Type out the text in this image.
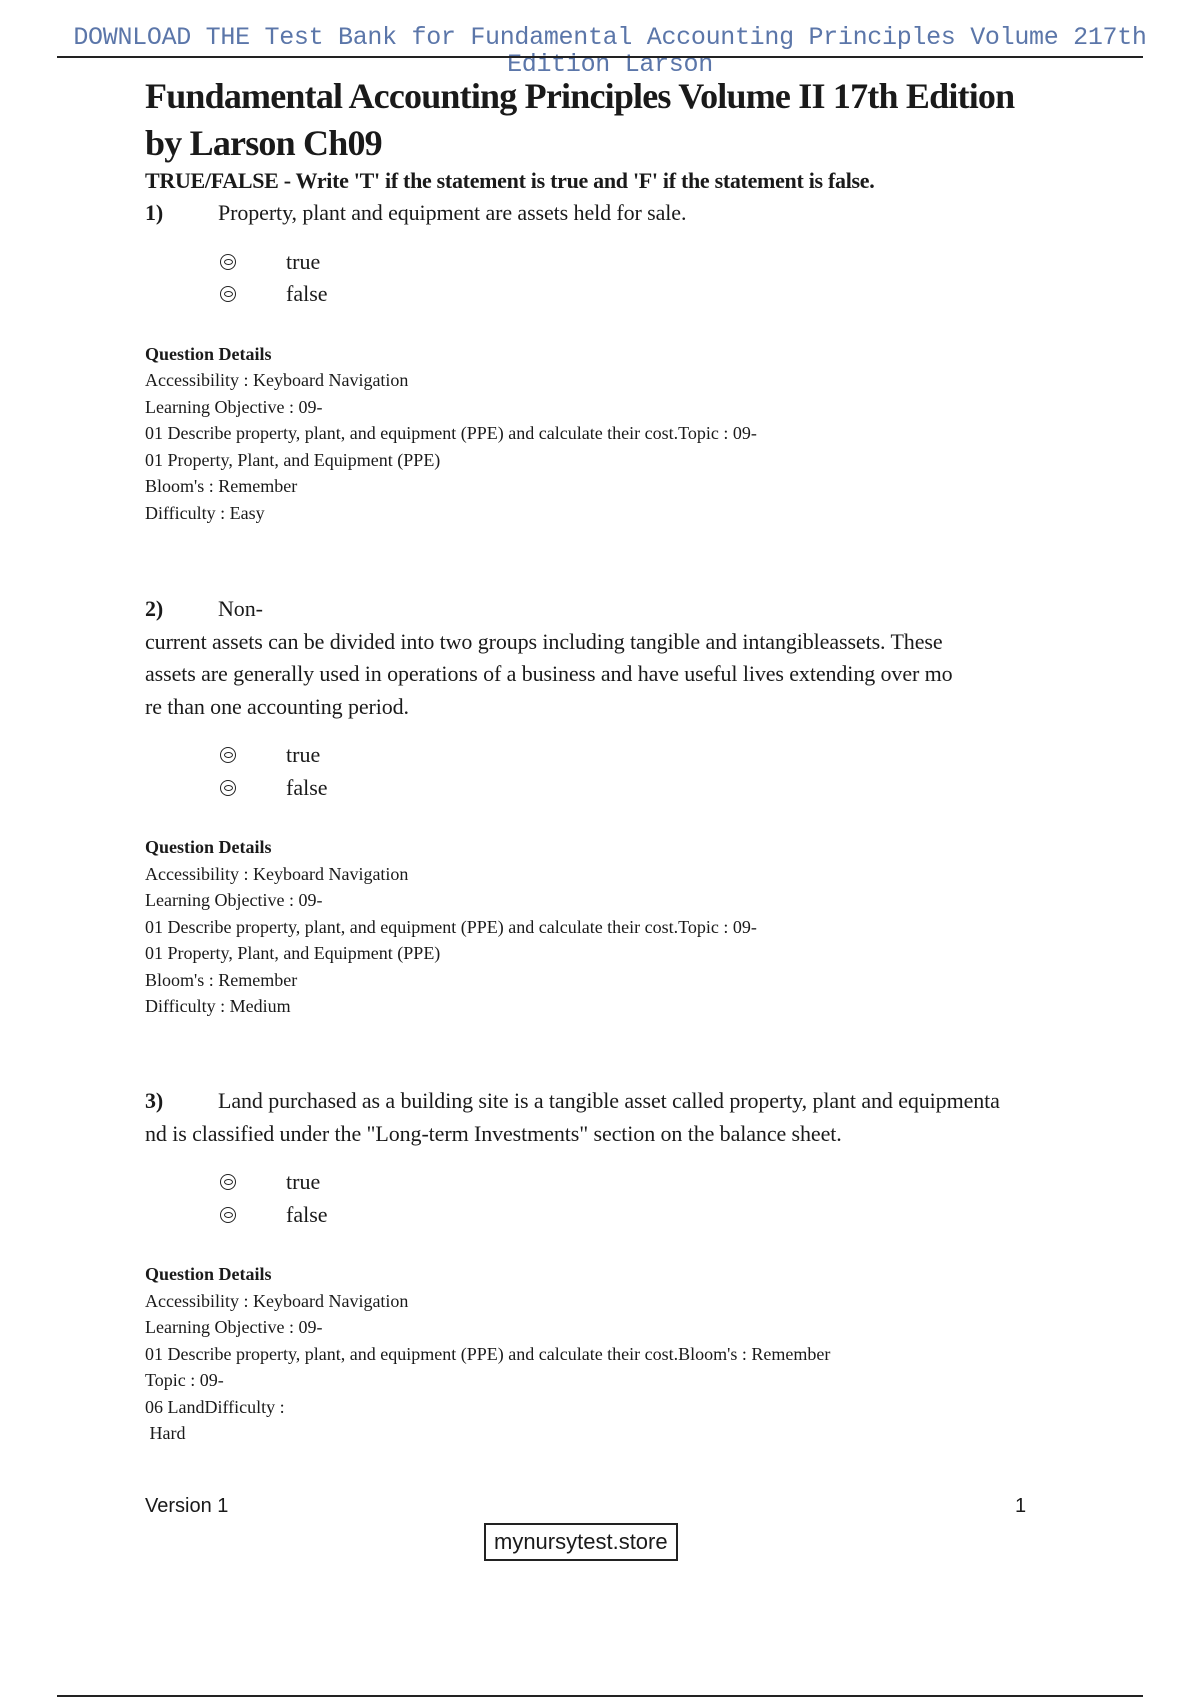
DOWNLOAD THE Test Bank for Fundamental Accounting Principles Volume 217th Edition Larson
Fundamental Accounting Principles Volume II 17th Edition
by Larson Ch09
TRUE/FALSE - Write 'T' if the statement is true and 'F' if the statement is false.
1) Property, plant and equipment are assets held for sale.
true
false
Question Details
Accessibility : Keyboard Navigation
Learning Objective : 09-
01 Describe property, plant, and equipment (PPE) and calculate their cost.Topic : 09-
01 Property, Plant, and Equipment (PPE)
Bloom's : Remember
Difficulty : Easy
2) Non-
current assets can be divided into two groups including tangible and intangibleassets. These
assets are generally used in operations of a business and have useful lives extending over mo
re than one accounting period.
true
false
Question Details
Accessibility : Keyboard Navigation
Learning Objective : 09-
01 Describe property, plant, and equipment (PPE) and calculate their cost.Topic : 09-
01 Property, Plant, and Equipment (PPE)
Bloom's : Remember
Difficulty : Medium
3) Land purchased as a building site is a tangible asset called property, plant and equipmenta
nd is classified under the "Long-term Investments" section on the balance sheet.
true
false
Question Details
Accessibility : Keyboard Navigation
Learning Objective : 09-
01 Describe property, plant, and equipment (PPE) and calculate their cost.Bloom's : Remember
Topic : 09-
06 LandDifficulty :
Hard
Version 1	1
mynursytest.store
